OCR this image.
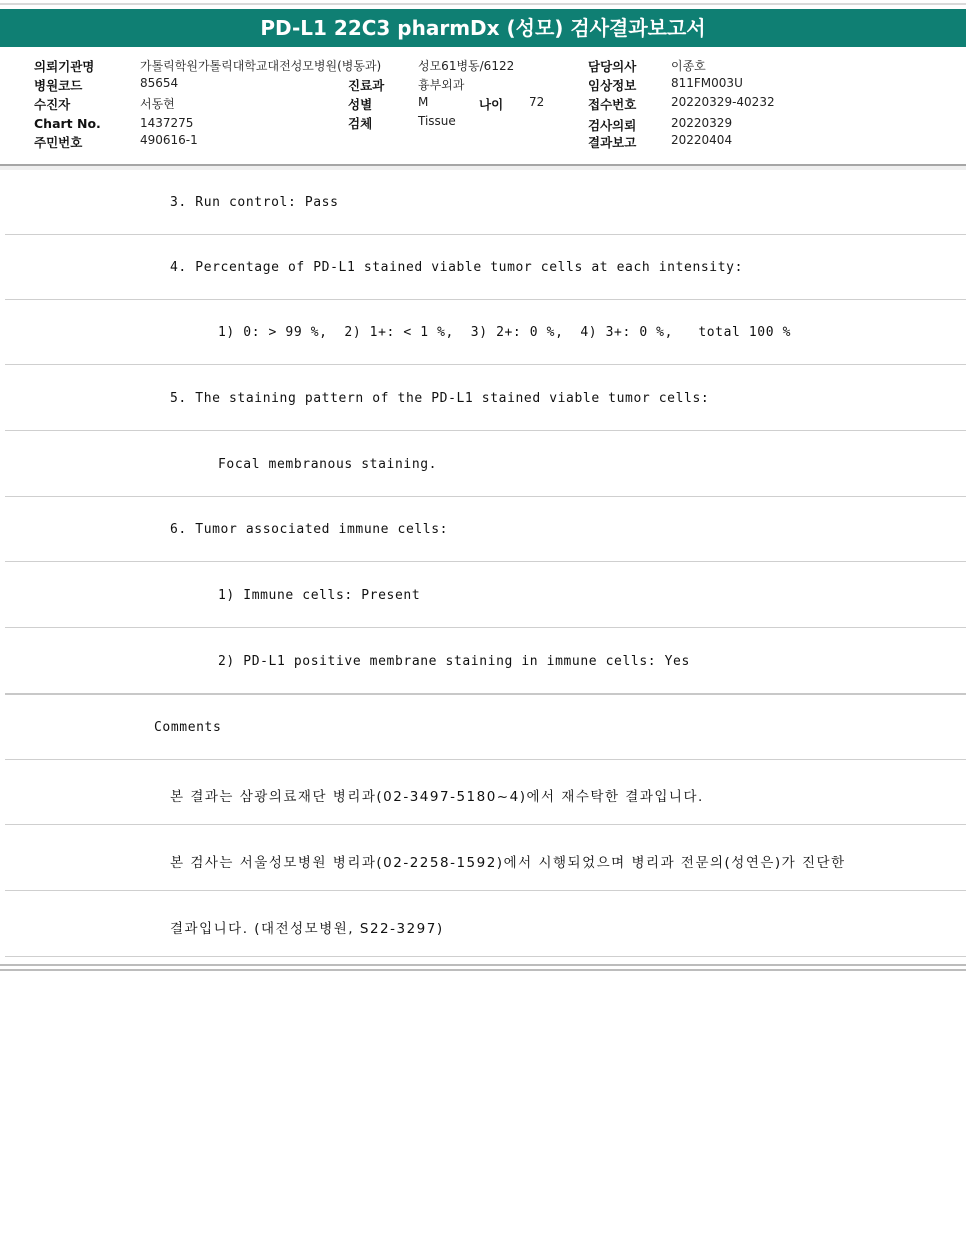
PD-L1 22C3 pharmDx (성모) 검사결과보고서
의뢰기관명	가톨릭학원가톨릭대학교대전성모병원(병동과)	성모61병동/6122	담당의사	이종호
병원코드	85654	진료과	흉부외과	임상정보	811FM003U
수진자	서동현	성별	M	나이 72	접수번호	20220329-40232
Chart No.	1437275	검체	Tissue	검사의뢰	20220329
주민번호	490616-1	결과보고	20220404
3. Run control: Pass
4. Percentage of PD-L1 stained viable tumor cells at each intensity:
1) 0: > 99 %,  2) 1+: < 1 %,  3) 2+: 0 %,  4) 3+: 0 %,   total 100 %
5. The staining pattern of the PD-L1 stained viable tumor cells:
Focal membranous staining.
6. Tumor associated immune cells:
1) Immune cells: Present
2) PD-L1 positive membrane staining in immune cells: Yes
Comments
본 결과는 삼광의료재단 병리과(02-3497-5180~4)에서 재수탁한 결과입니다.
본 검사는 서울성모병원 병리과(02-2258-1592)에서 시행되었으며 병리과 전문의(성연은)가 진단한
결과입니다. (대전성모병원, S22-3297)
